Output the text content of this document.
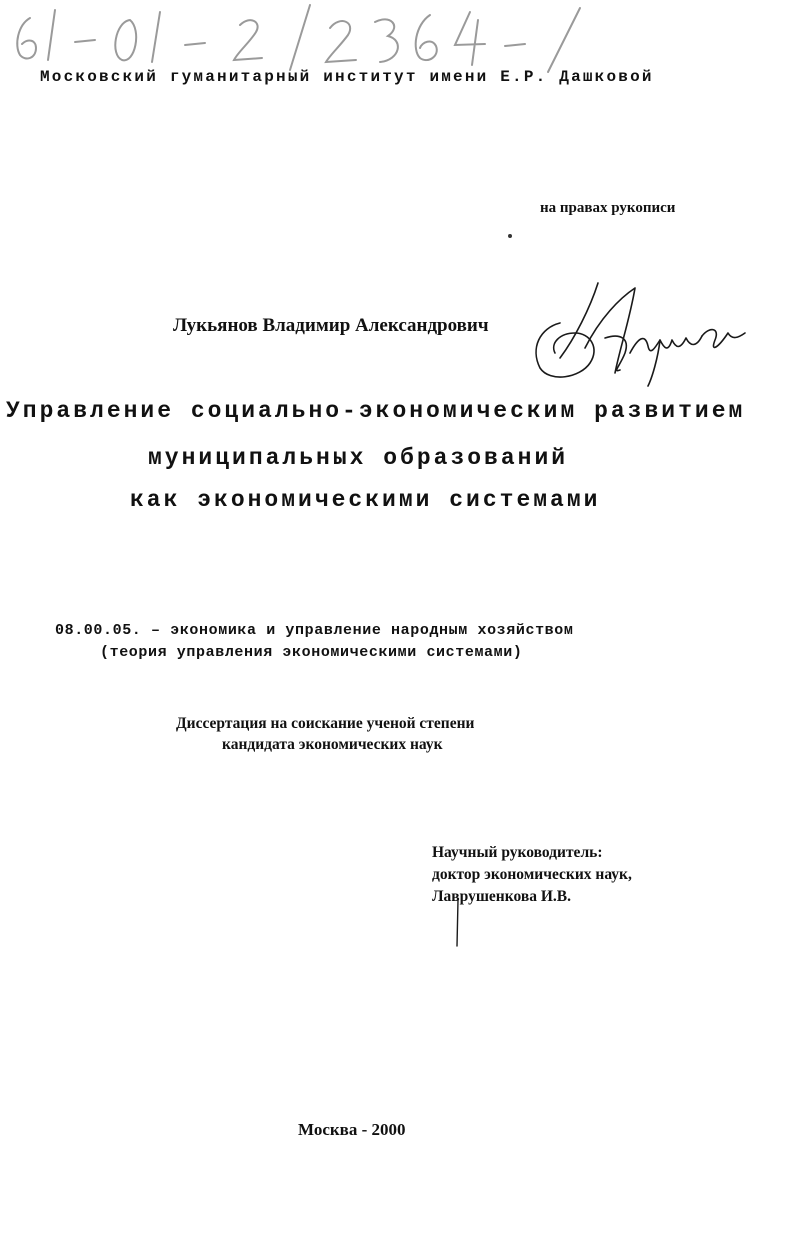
Московский гуманитарный институт имени Е.Р. Дашковой
на правах рукописи
Лукьянов Владимир Александрович
Управление социально-экономическим развитием
муниципальных образований
как экономическими системами
08.00.05. – экономика и управление народным хозяйством
(теория управления экономическими системами)
Диссертация на соискание ученой степени
кандидата экономических наук
Научный руководитель:
доктор экономических наук,
Лаврушенкова И.В.
Москва - 2000
